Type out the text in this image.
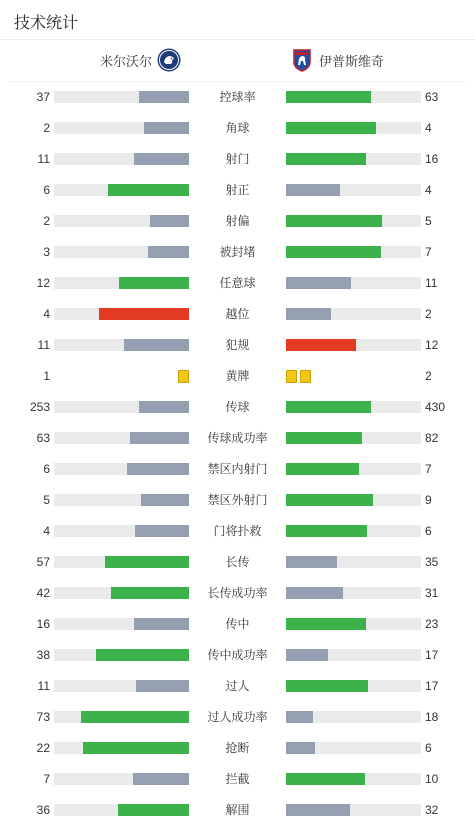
技术统计
米尔沃尔	伊普斯维奇
37	控球率	63
2	角球	4
11	射门	16
6	射正	4
2	射偏	5
3	被封堵	7
12	任意球	11
4	越位	2
11	犯规	12
1	黄牌	2
253	传球	430
63	传球成功率	82
6	禁区内射门	7
5	禁区外射门	9
4	门将扑救	6
57	长传	35
42	长传成功率	31
16	传中	23
38	传中成功率	17
11	过人	17
73	过人成功率	18
22	抢断	6
7	拦截	10
36	解围	32
